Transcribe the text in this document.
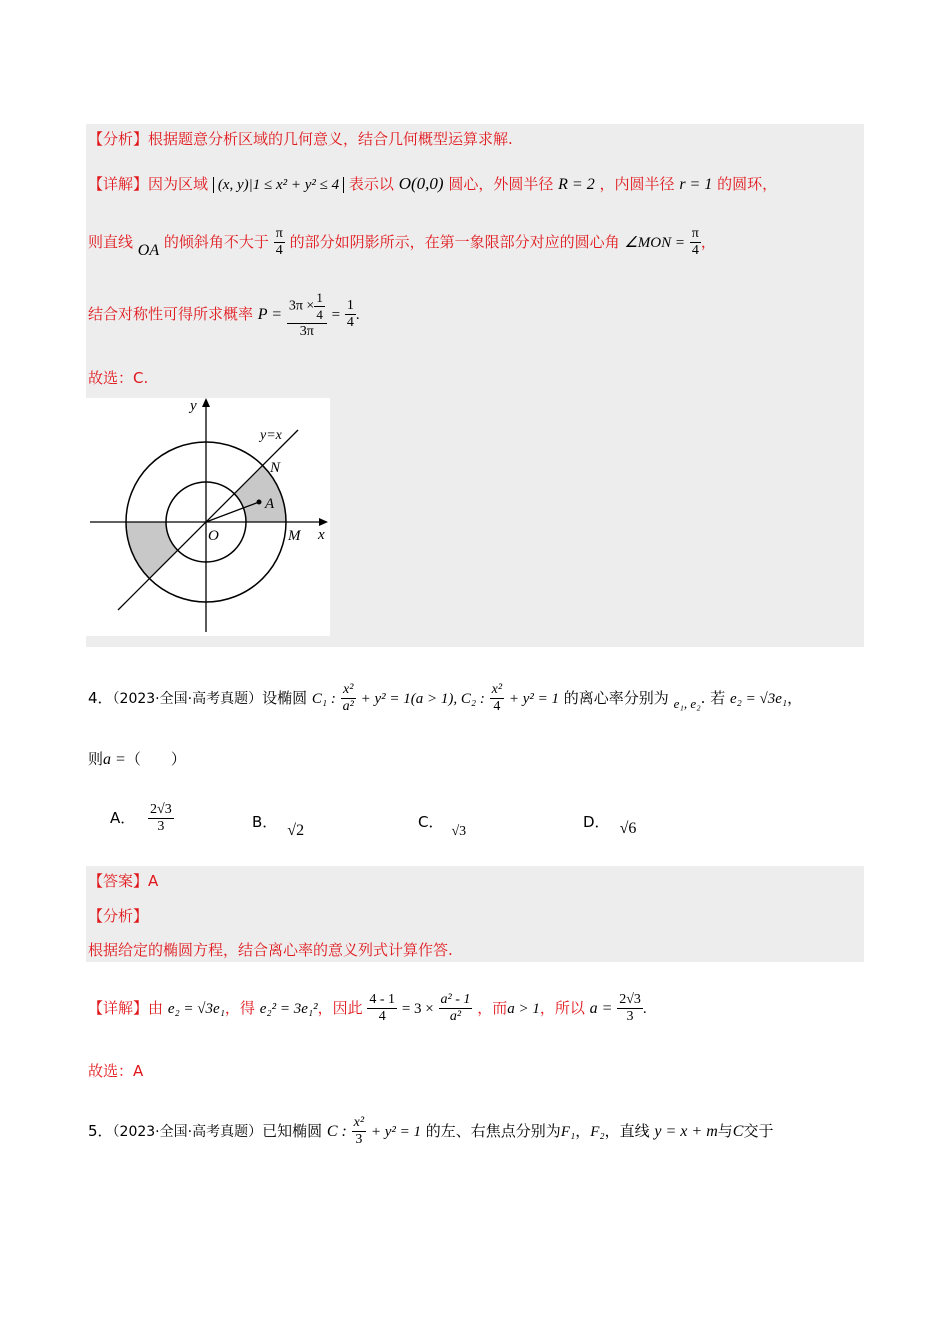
【分析】根据题意分析区域的几何意义，结合几何概型运算求解.
【详解】因为区域 (x, y)|1 ≤ x² + y² ≤ 4 表示以 O(0,0) 圆心，外圆半径 R = 2 ，内圆半径 r = 1 的圆环，
则直线 OA 的倾斜角不大于 $\frac{\pi}{4}$ 的部分如阴影所示，在第一象限部分对应的圆心角 ∠MON = $\frac{\pi}{4}$ ，
结合对称性可得所求概率 $P = \frac{3\pi \times \frac{1}{4}}{3\pi} = \frac{1}{4}$ .
故选：C.
y
x
y=x
N
A
O	M
4．（2023·全国·高考真题）设椭圆 C₁ : $\frac{\text{x²}}{\text{a²}} + y^2 = 1(a > 1)$, C₂ : $\frac{\text{x²}}{4} + y^2 = 1$ 的离心率分别为 e₁, e₂. 若 e₂ = √3e₁，
则a =（　　）
A． $\frac{2√3}{3}$	B． √2	C．√3
D． √6
【答案】A
【分析】
根据给定的椭圆方程，结合离心率的意义列式计算作答.
【详解】由 e₂ = √3e₁，得 e₂² = 3e₁²，因此 $\frac{4 - 1}{4} = 3 \times \frac{\text{a² - 1}}{\text{a²}}$ ，而a > 1，所以 $a = \frac{2√3}{3}$ .
故选：A
5．（2023·全国·高考真题）已知椭圆 C : $\frac{\text{x²}}{3} + y^2 = 1$ 的左、右焦点分别为F₁，F₂，直线 y = x + m与C交于
